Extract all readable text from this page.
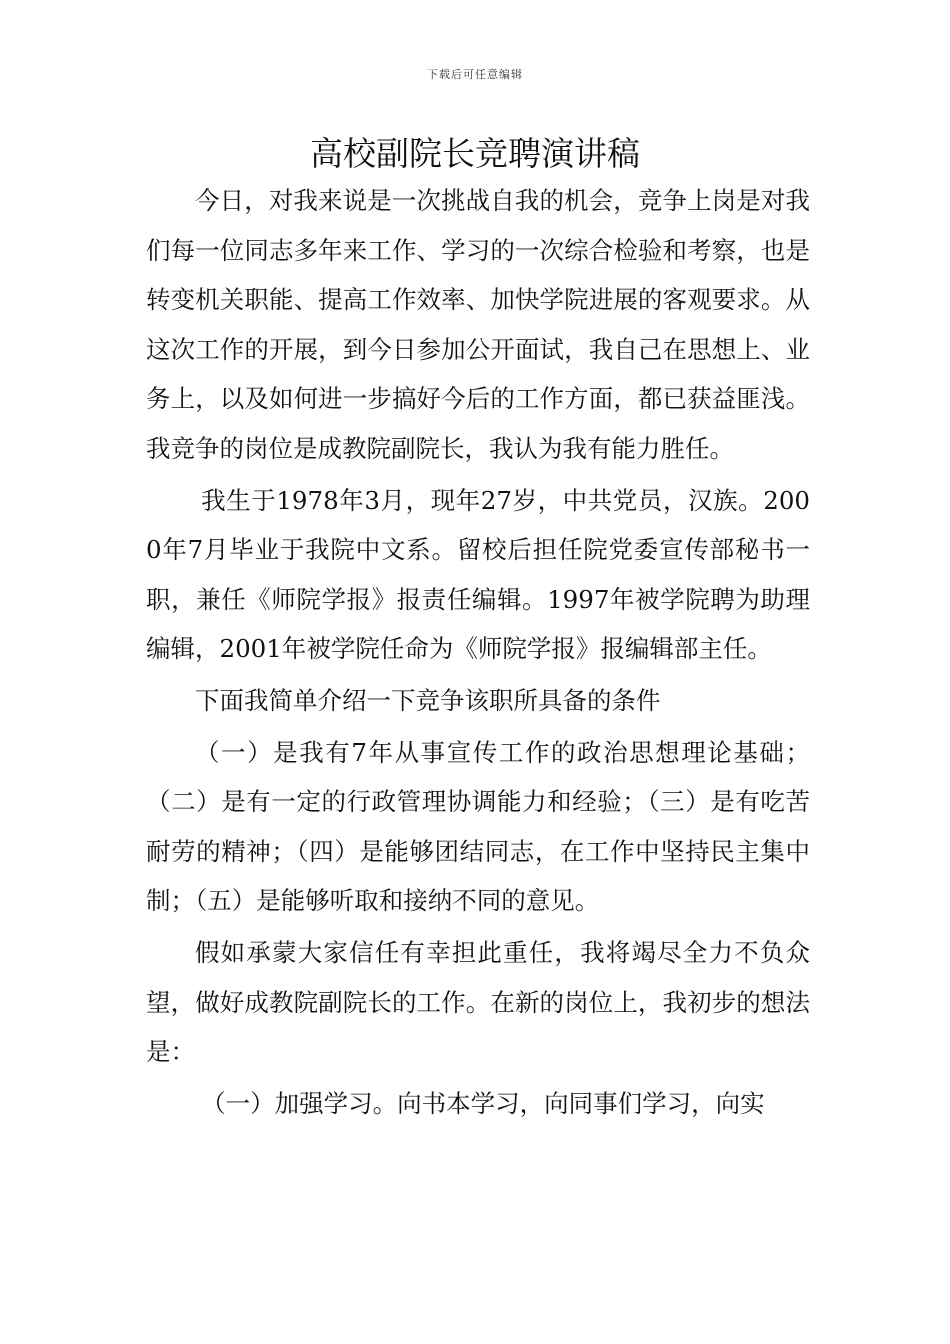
下载后可任意编辑
高校副院长竞聘演讲稿

今日，对我来说是一次挑战自我的机会，竞争上岗是对我们每一位同志多年来工作、学习的一次综合检验和考察，也是转变机关职能、提高工作效率、加快学院进展的客观要求。从这次工作的开展，到今日参加公开面试，我自己在思想上、业务上，以及如何进一步搞好今后的工作方面，都已获益匪浅。我竞争的岗位是成教院副院长，我认为我有能力胜任。

我生于1978年3月，现年27岁，中共党员，汉族。2000年7月毕业于我院中文系。留校后担任院党委宣传部秘书一职，兼任《师院学报》报责任编辑。1997年被学院聘为助理编辑，2001年被学院任命为《师院学报》报编辑部主任。

下面我简单介绍一下竞争该职所具备的条件

（一）是我有7年从事宣传工作的政治思想理论基础；（二）是有一定的行政管理协调能力和经验；（三）是有吃苦耐劳的精神；（四）是能够团结同志，在工作中坚持民主集中制；（五）是能够听取和接纳不同的意见。

假如承蒙大家信任有幸担此重任，我将竭尽全力不负众望，做好成教院副院长的工作。在新的岗位上，我初步的想法是：

（一）加强学习。向书本学习，向同事们学习，向实
